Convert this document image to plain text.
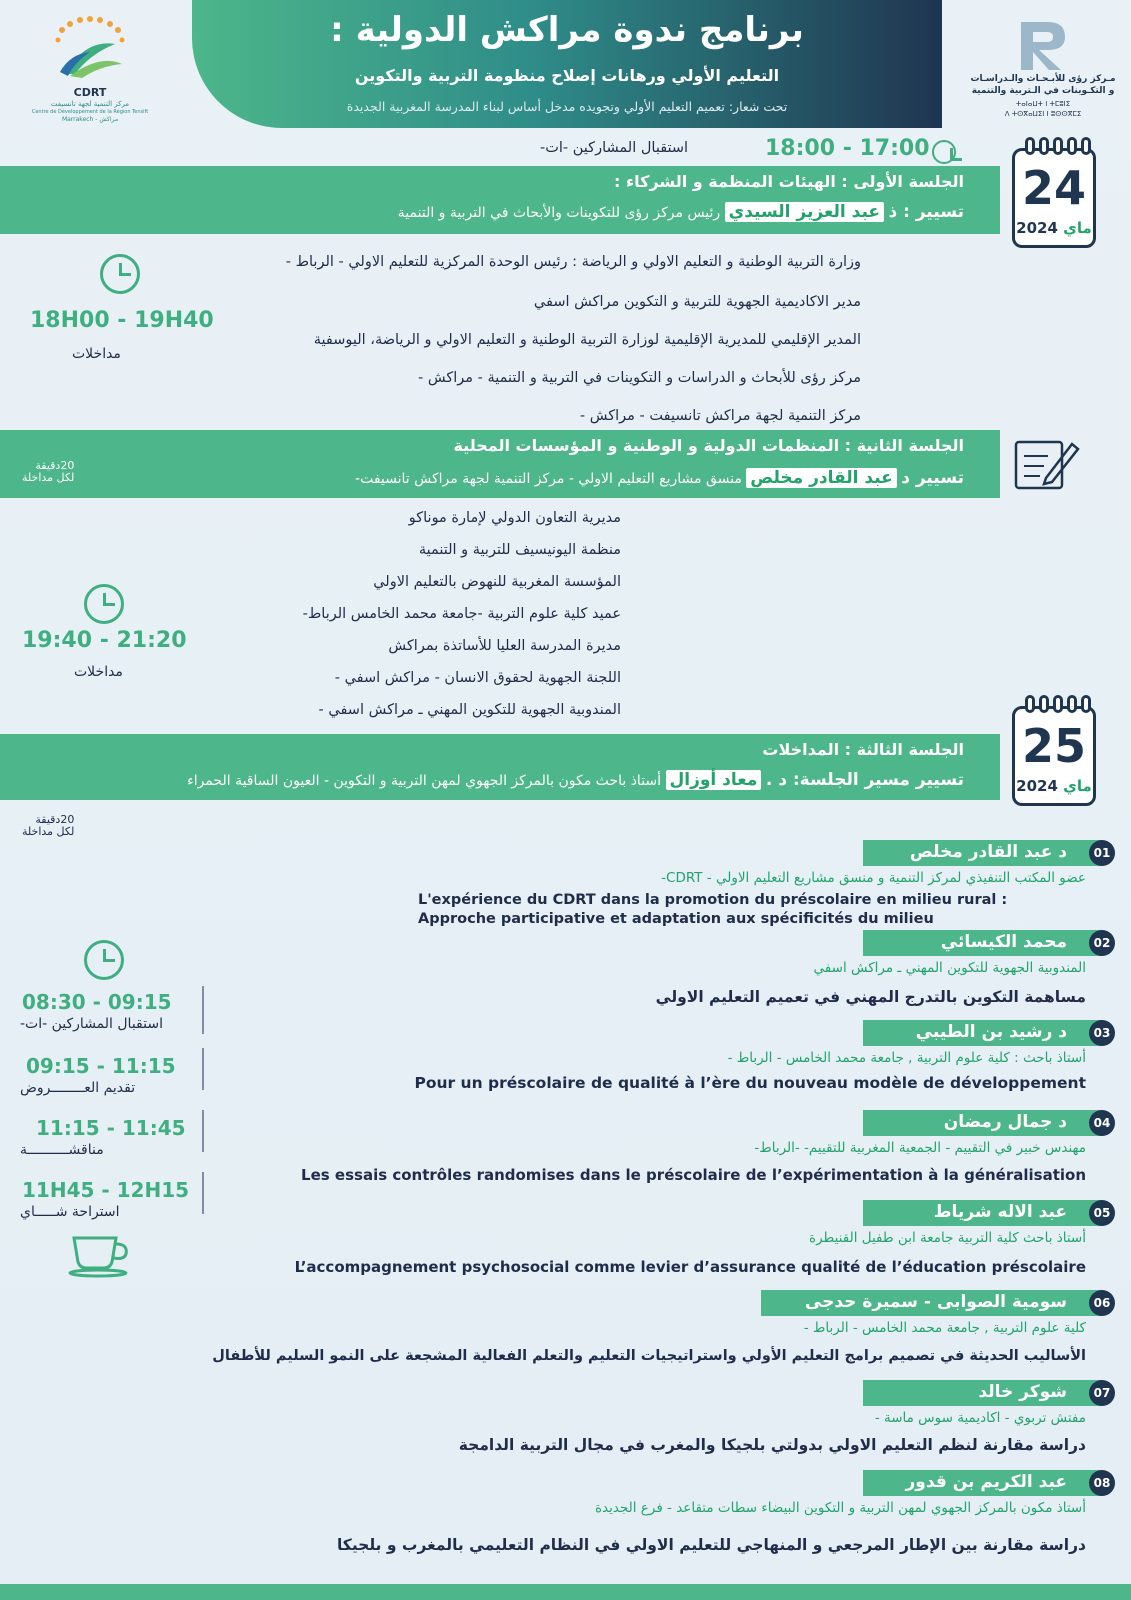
برنامج ندوة مراكش الدولية :
التعليم الأولي ورهانات إصلاح منظومة التربية والتكوين
تحت شعار: تعميم التعليم الأولي وتجويده مدخل أساس لبناء المدرسة المغربية الجديدة
CDRT
مركز التنمية لجهة تانسيفت
Centre de Développement de la Région Tensift
Marrakech - مراكش
مـركز رؤى للأبـحـاث والـدراسـات
و التكـوينات في الـتربية والتنمية
ⵜⴰⵏⴰⵡⵜ ⵏ ⵜⵎⵓⵏⵉ
ⴷ ⵜⵙⴳⴰⵡⵉⵏ ⵏ ⵓⵙⵙⴳⵎⵉ
24
ماي 2024
18:00 - 17:00
استقبال المشاركين -ات-
الجلسة الأولى : الهيئات المنظمة و الشركاء :
تسيير : ذ عبد العزيز السيدي رئيس مركز رؤى للتكوينات والأبحاث في التربية و التنمية
وزارة التربية الوطنية و التعليم الاولي و الرياضة : رئيس الوحدة المركزية للتعليم الاولي - الرباط -
مدير الاكاديمية الجهوية للتربية و التكوين مراكش اسفي
المدير الإقليمي للمديرية الإقليمية لوزارة التربية الوطنية و التعليم الاولي و الرياضة، اليوسفية
مركز رؤى للأبحاث و الدراسات و التكوينات في التربية و التنمية - مراكش -
مركز التنمية لجهة مراكش تانسيفت - مراكش -
18H00 - 19H40
مداخلات
الجلسة الثانية : المنظمات الدولية و الوطنية و المؤسسات المحلية
تسيير د عبد القادر مخلص منسق مشاريع التعليم الاولي - مركز التنمية لجهة مراكش تانسيفت-
20دقيقة
لكل مداخلة
مديرية التعاون الدولي لإمارة موناكو
منظمة اليونيسيف للتربية و التنمية
المؤسسة المغربية للنهوض بالتعليم الاولي
عميد كلية علوم التربية -جامعة محمد الخامس الرباط-
مديرة المدرسة العليا للأساتذة بمراكش
اللجنة الجهوية لحقوق الانسان - مراكش اسفي -
المندوبية الجهوية للتكوين المهني ـ مراكش اسفي -
19:40 - 21:20
مداخلات
25
ماي 2024
الجلسة الثالثة : المداخلات
تسيير مسير الجلسة: د . معاد أوزال أستاذ باحث مكون بالمركز الجهوي لمهن التربية و التكوين - العيون الساقية الحمراء
20دقيقة
لكل مداخلة
08:30 - 09:15
استقبال المشاركين -ات-
09:15 - 11:15
تقديم العــــــــروض
11:15 - 11:45
مناقشــــــــــة
11H45 - 12H15
استراحة شـــــاي
د عبد القادر مخلص	01
عضو المكتب التنفيذي لمركز التنمية و منسق مشاريع التعليم الاولي - CDRT-
L'expérience du CDRT dans la promotion du préscolaire en milieu rural :
Approche participative et adaptation aux spécificités du milieu
محمد الكيسائي	02
المندوبية الجهوية للتكوين المهني ـ مراكش اسفي
مساهمة التكوين بالتدرج المهني في تعميم التعليم الاولي
د رشيد بن الطيبي	03
أستاذ باحث : كلية علوم التربية , جامعة محمد الخامس - الرباط -
Pour un préscolaire de qualité à l’ère du nouveau modèle de développement
د جمال رمضان	04
مهندس خبير في التقييم - الجمعية المغربية للتقييم- -الرباط-
Les essais contrôles randomises dans le préscolaire de l’expérimentation à la généralisation
عبد الاله شرياط	05
أستاذ باحث كلية التربية جامعة ابن طفيل القنيطرة
L’accompagnement psychosocial comme levier d’assurance qualité de l’éducation préscolaire
سومية الصوابى - سميرة حدجى	06
كلية علوم التربية , جامعة محمد الخامس - الرباط -
الأساليب الحديثة في تصميم برامج التعليم الأولي واستراتيجيات التعليم والتعلم الفعالية المشجعة على النمو السليم للأطفال
شوكر خالد	07
مفتش تربوي - اكاديمية سوس ماسة -
دراسة مقارنة لنظم التعليم الاولي بدولتي بلجيكا والمغرب في مجال التربية الدامجة
عبد الكريم بن قدور	08
أستاذ مكون بالمركز الجهوي لمهن التربية و التكوين البيضاء سطات متقاعد - فرع الجديدة
دراسة مقارنة بين الإطار المرجعي و المنهاجي للتعليم الاولي في النظام التعليمي بالمغرب و بلجيكا
